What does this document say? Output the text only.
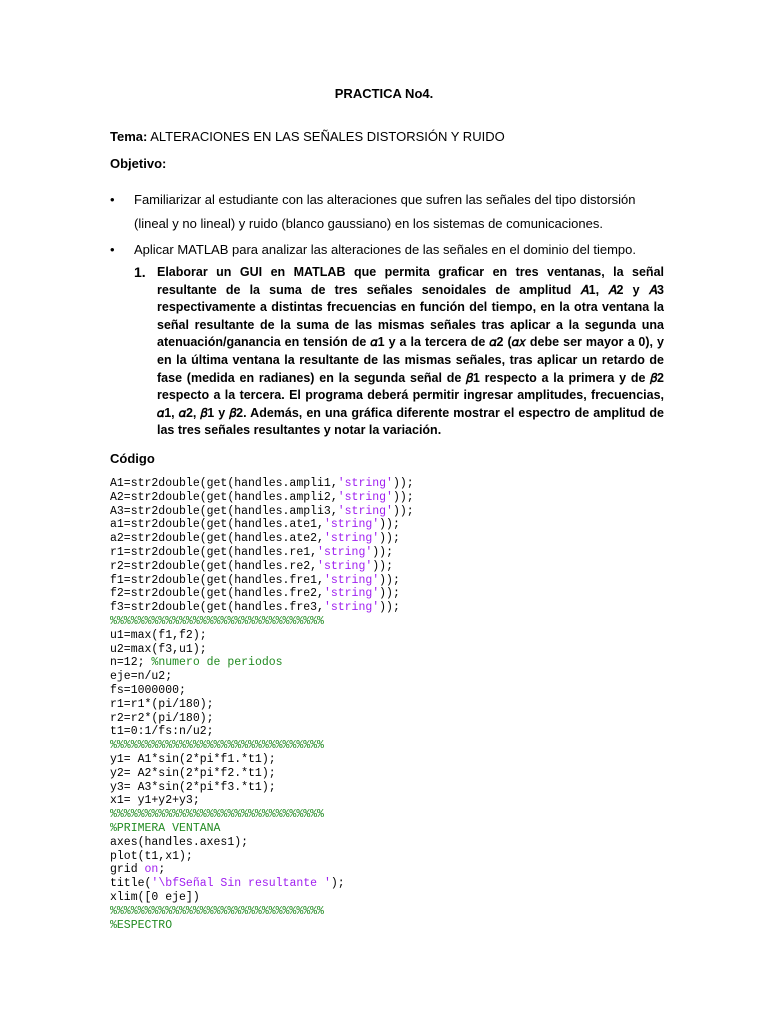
PRACTICA No4.
Tema: ALTERACIONES EN LAS SEÑALES DISTORSIÓN Y RUIDO
Objetivo:
• Familiarizar al estudiante con las alteraciones que sufren las señales del tipo distorsión (lineal y no lineal) y ruido (blanco gaussiano) en los sistemas de comunicaciones.
• Aplicar MATLAB para analizar las alteraciones de las señales en el dominio del tiempo.
1. Elaborar un GUI en MATLAB que permita graficar en tres ventanas, la señal resultante de la suma de tres señales senoidales de amplitud 𝐴1, 𝐴2 y 𝐴3 respectivamente a distintas frecuencias en función del tiempo, en la otra ventana la señal resultante de la suma de las mismas señales tras aplicar a la segunda una atenuación/ganancia en tensión de 𝛼1 y a la tercera de 𝛼2 (𝛼𝑥 debe ser mayor a 0), y en la última ventana la resultante de las mismas señales, tras aplicar un retardo de fase (medida en radianes) en la segunda señal de 𝛽1 respecto a la primera y de 𝛽2 respecto a la tercera. El programa deberá permitir ingresar amplitudes, frecuencias, 𝛼1, 𝛼2, 𝛽1 y 𝛽2. Además, en una gráfica diferente mostrar el espectro de amplitud de las tres señales resultantes y notar la variación.
Código
A1=str2double(get(handles.ampli1,'string'));
A2=str2double(get(handles.ampli2,'string'));
A3=str2double(get(handles.ampli3,'string'));
a1=str2double(get(handles.ate1,'string'));
a2=str2double(get(handles.ate2,'string'));
r1=str2double(get(handles.re1,'string'));
r2=str2double(get(handles.re2,'string'));
f1=str2double(get(handles.fre1,'string'));
f2=str2double(get(handles.fre2,'string'));
f3=str2double(get(handles.fre3,'string'));
%%%%%%%%%%%%%%%%%%%%%%%%%%%%%%%
u1=max(f1,f2);
u2=max(f3,u1);
n=12; %numero de periodos
eje=n/u2;
fs=1000000;
r1=r1*(pi/180);
r2=r2*(pi/180);
t1=0:1/fs:n/u2;
%%%%%%%%%%%%%%%%%%%%%%%%%%%%%%%
y1= A1*sin(2*pi*f1.*t1);
y2= A2*sin(2*pi*f2.*t1);
y3= A3*sin(2*pi*f3.*t1);
x1= y1+y2+y3;
%%%%%%%%%%%%%%%%%%%%%%%%%%%%%%%
%PRIMERA VENTANA
axes(handles.axes1);
plot(t1,x1);
grid on;
title('\bfSeñal Sin resultante ');
xlim([0 eje])
%%%%%%%%%%%%%%%%%%%%%%%%%%%%%%%
%ESPECTRO
